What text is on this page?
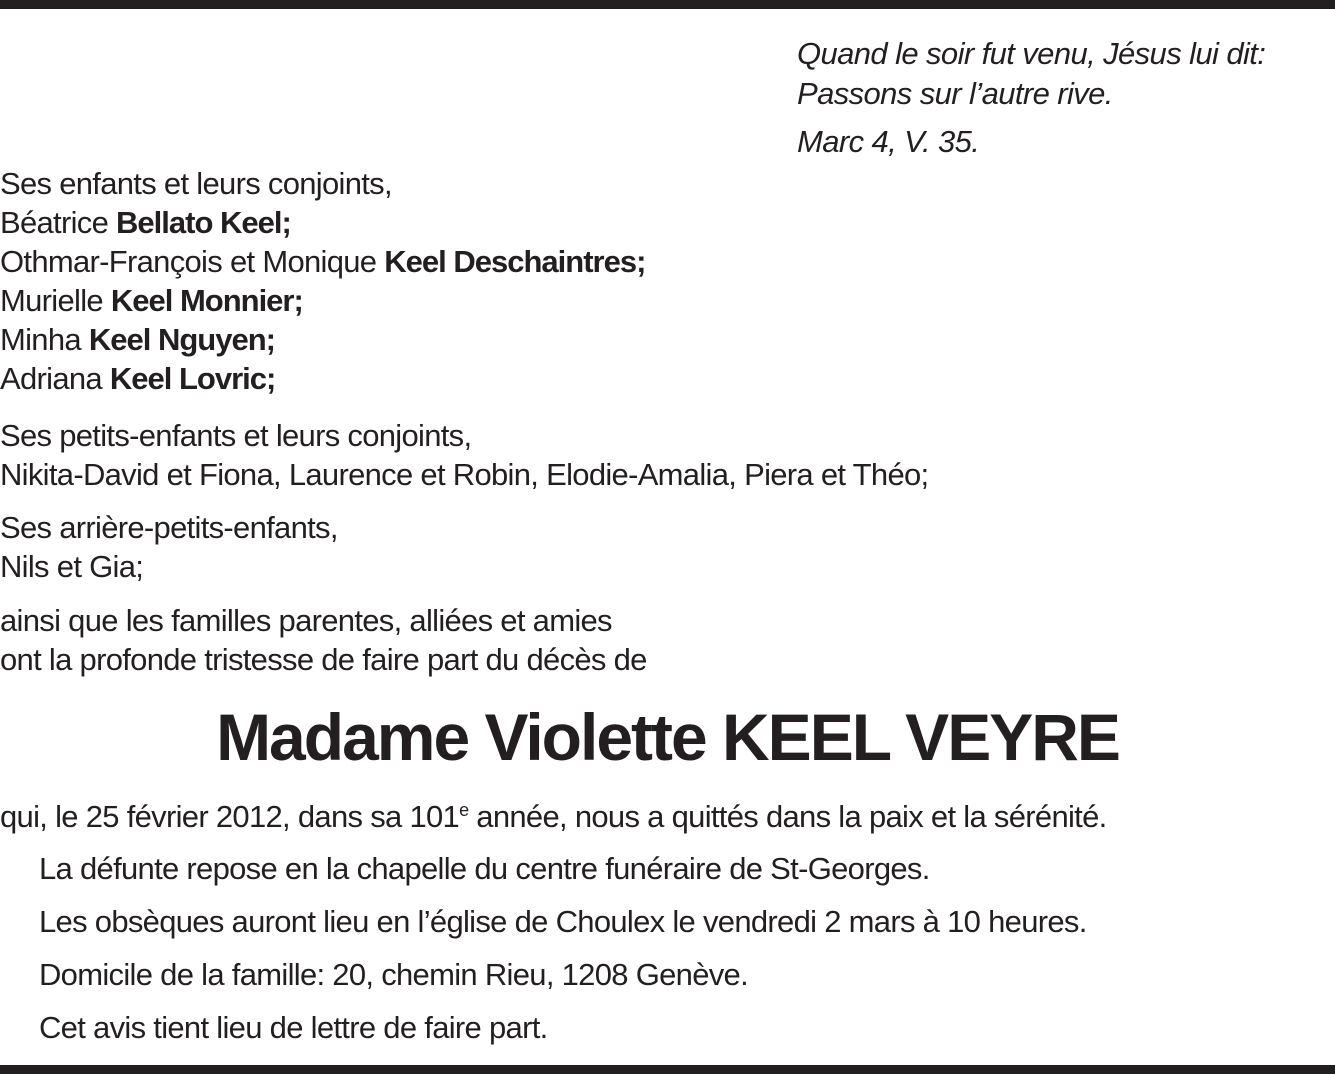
Quand le soir fut venu, Jésus lui dit:
Passons sur l’autre rive.
Marc 4, V. 35.
Ses enfants et leurs conjoints,
Béatrice Bellato Keel;
Othmar-François et Monique Keel Deschaintres;
Murielle Keel Monnier;
Minha Keel Nguyen;
Adriana Keel Lovric;
Ses petits-enfants et leurs conjoints,
Nikita-David et Fiona, Laurence et Robin, Elodie-Amalia, Piera et Théo;
Ses arrière-petits-enfants,
Nils et Gia;
ainsi que les familles parentes, alliées et amies
ont la profonde tristesse de faire part du décès de
Madame Violette KEEL VEYRE
qui, le 25 février 2012, dans sa 101e année, nous a quittés dans la paix et la sérénité.
La défunte repose en la chapelle du centre funéraire de St-Georges.
Les obsèques auront lieu en l’église de Choulex le vendredi 2 mars à 10 heures.
Domicile de la famille: 20, chemin Rieu, 1208 Genève.
Cet avis tient lieu de lettre de faire part.
